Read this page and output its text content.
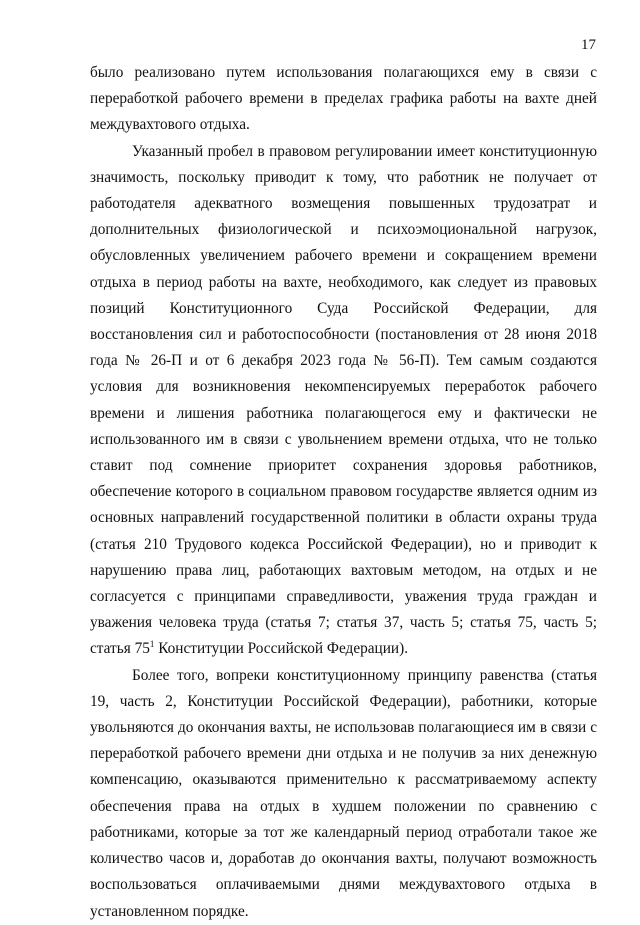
17

было реализовано путем использования полагающихся ему в связи с переработкой рабочего времени в пределах графика работы на вахте дней междувахтового отдыха.

Указанный пробел в правовом регулировании имеет конституционную значимость, поскольку приводит к тому, что работник не получает от работодателя адекватного возмещения повышенных трудозатрат и дополнительных физиологической и психоэмоциональной нагрузок, обусловленных увеличением рабочего времени и сокращением времени отдыха в период работы на вахте, необходимого, как следует из правовых позиций Конституционного Суда Российской Федерации, для восстановления сил и работоспособности (постановления от 28 июня 2018 года № 26-П и от 6 декабря 2023 года № 56-П). Тем самым создаются условия для возникновения некомпенсируемых переработок рабочего времени и лишения работника полагающегося ему и фактически не использованного им в связи с увольнением времени отдыха, что не только ставит под сомнение приоритет сохранения здоровья работников, обеспечение которого в социальном правовом государстве является одним из основных направлений государственной политики в области охраны труда (статья 210 Трудового кодекса Российской Федерации), но и приводит к нарушению права лиц, работающих вахтовым методом, на отдых и не согласуется с принципами справедливости, уважения труда граждан и уважения человека труда (статья 7; статья 37, часть 5; статья 75, часть 5; статья $75^1$ Конституции Российской Федерации).

Более того, вопреки конституционному принципу равенства (статья 19, часть 2, Конституции Российской Федерации), работники, которые увольняются до окончания вахты, не использовав полагающиеся им в связи с переработкой рабочего времени дни отдыха и не получив за них денежную компенсацию, оказываются применительно к рассматриваемому аспекту обеспечения права на отдых в худшем положении по сравнению с работниками, которые за тот же календарный период отработали такое же количество часов и, доработав до окончания вахты, получают возможность воспользоваться оплачиваемыми днями междувахтового отдыха в установленном порядке.
